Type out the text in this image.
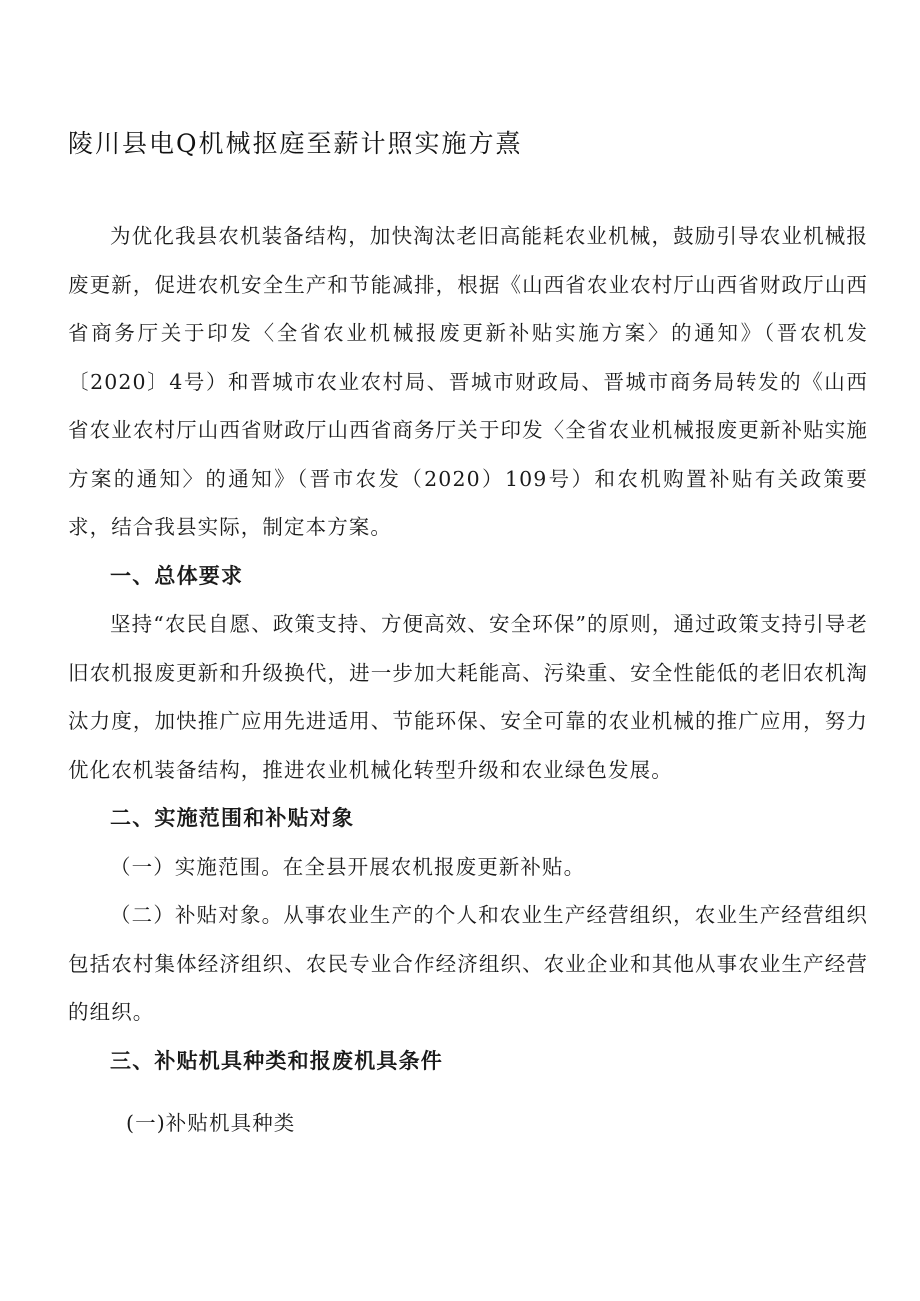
陵川县电Q机械抠庭至薪计照实施方熹

为优化我县农机装备结构，加快淘汰老旧高能耗农业机械，鼓励引导农业机械报废更新，促进农机安全生产和节能减排，根据《山西省农业农村厅山西省财政厅山西省商务厅关于印发〈全省农业机械报废更新补贴实施方案〉的通知》（晋农机发〔2020〕4号）和晋城市农业农村局、晋城市财政局、晋城市商务局转发的《山西省农业农村厅山西省财政厅山西省商务厅关于印发〈全省农业机械报废更新补贴实施方案的通知〉的通知》（晋市农发（2020）109号）和农机购置补贴有关政策要求，结合我县实际，制定本方案。

一、总体要求

坚持“农民自愿、政策支持、方便高效、安全环保”的原则，通过政策支持引导老旧农机报废更新和升级换代，进一步加大耗能高、污染重、安全性能低的老旧农机淘汰力度，加快推广应用先进适用、节能环保、安全可靠的农业机械的推广应用，努力优化农机装备结构，推进农业机械化转型升级和农业绿色发展。

二、实施范围和补贴对象

（一）实施范围。在全县开展农机报废更新补贴。

（二）补贴对象。从事农业生产的个人和农业生产经营组织，农业生产经营组织包括农村集体经济组织、农民专业合作经济组织、农业企业和其他从事农业生产经营的组织。

三、补贴机具种类和报废机具条件

(一)补贴机具种类
